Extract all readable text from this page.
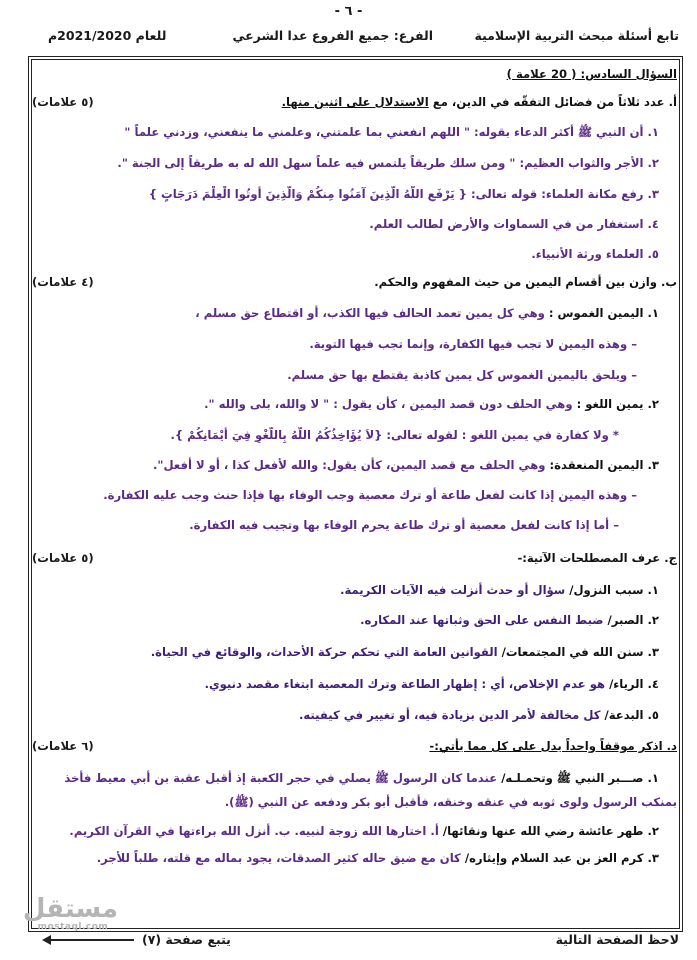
- ٦ -
تابع أسئلة مبحث التربية الإسلامية
الفرع: جميع الفروع عدا الشرعي
للعام 2021/2020م
السؤال السادس: ( 20 علامة )
أ. عدد ثلاثاً من فضائل التفقّه في الدين، مع الاستدلال على اثنين منها.
(٥ علامات)
١. أن النبي ﷺ أكثر الدعاء بقوله: " اللهم انفعني بما علمتني، وعلمني ما ينفعني، وزدني علماً "
٢. الأجر والثواب العظيم: " ومن سلك طريقاً يلتمس فيه علماً سهل الله له به طريقاً إلى الجنة ".
٣. رفع مكانة العلماء: قوله تعالى: { يَرْفَعِ اللَّهُ الَّذِينَ آمَنُوا مِنكُمْ وَالَّذِينَ أُوتُوا الْعِلْمَ دَرَجَاتٍ }
٤. استغفار من في السماوات والأرض لطالب العلم.
٥. العلماء ورثة الأنبياء.
ب. وازن بين أقسام اليمين من حيث المفهوم والحكم.
(٤ علامات)
١. اليمين الغموس : وهي كل يمين تعمد الحالف فيها الكذب، أو اقتطاع حق مسلم ،
– وهذه اليمين لا تجب فيها الكفارة، وإنما تجب فيها التوبة.
– ويلحق باليمين الغموس كل يمين كاذبة يقتطع بها حق مسلم.
٢. يمين اللغو : وهي الحلف دون قصد اليمين ، كأن يقول : " لا والله، بلى والله ".
* ولا كفارة في يمين اللغو : لقوله تعالى: {لاَ يُؤَاخِذُكُمُ اللَّهُ بِاللَّغْوِ فِيَ أَيْمَانِكُمْ }.
٣. اليمين المنعقدة: وهي الحلف مع قصد اليمين، كأن يقول: والله لأفعل كذا ، أو لا أفعل".
– وهذه اليمين إذا كانت لفعل طاعة أو ترك معصية وجب الوفاء بها فإذا حنث وجب عليه الكفارة.
– أما إذا كانت لفعل معصية أو ترك طاعة يحرم الوفاء بها وتجيب فيه الكفارة.
ج. عرف المصطلحات الآتية:-
(٥ علامات)
١. سبب النزول/ سؤال أو حدث أنزلت فيه الآيات الكريمة.
٢. الصبر/ ضبط النفس على الحق وثباتها عند المكاره.
٣. سنن الله في المجتمعات/ القوانين العامة التي تحكم حركة الأحداث، والوقائع في الحياة.
٤. الرياء/ هو عدم الإخلاص، أي : إظهار الطاعة وترك المعصية ابتغاء مقصد دنيوي.
٥. البدعة/ كل مخالفة لأمر الدين بزيادة فيه، أو تغيير في كيفيته.
د. اذكر موقفاً واحداً يدل على كل مما يأتي:-
(٦ علامات)
١. صـــبر النبي ﷺ وتحمـلـه/ عندما كان الرسول ﷺ يصلي في حجر الكعبة إذ أقبل عقبة بن أبي معيط فأخذ
بمنكب الرسول ولوى ثوبه في عنقه وخنقه، فأقبل أبو بكر ودفعه عن النبي (ﷺ).
٢. طهر عائشة رضي الله عنها ونقائها/ أ. اختارها الله زوجة لنبيه. ب. أنزل الله براءتها في القرآن الكريم.
٣. كرم العز بن عبد السلام وإيثاره/ كان مع ضيق حاله كثير الصدقات، يجود بماله مع قلته، طلباً للأجر.
مستقل
mostaql.com
لاحظ الصفحة التالية
يتبع صفحة (٧)
